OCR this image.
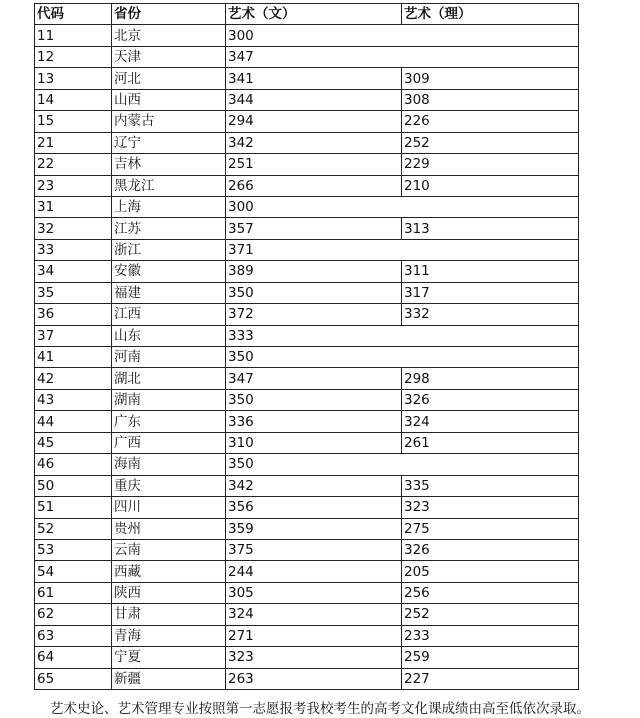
代码	省份	艺术（文）	艺术（理）
11	北京	300	
12	天津	347	
13	河北	341	309
14	山西	344	308
15	内蒙古	294	226
21	辽宁	342	252
22	吉林	251	229
23	黑龙江	266	210
31	上海	300	
32	江苏	357	313
33	浙江	371	
34	安徽	389	311
35	福建	350	317
36	江西	372	332
37	山东	333	
41	河南	350	
42	湖北	347	298
43	湖南	350	326
44	广东	336	324
45	广西	310	261
46	海南	350	
50	重庆	342	335
51	四川	356	323
52	贵州	359	275
53	云南	375	326
54	西藏	244	205
61	陕西	305	256
62	甘肃	324	252
63	青海	271	233
64	宁夏	323	259
65	新疆	263	227
艺术史论、艺术管理专业按照第一志愿报考我校考生的高考文化课成绩由高至低依次录取。
